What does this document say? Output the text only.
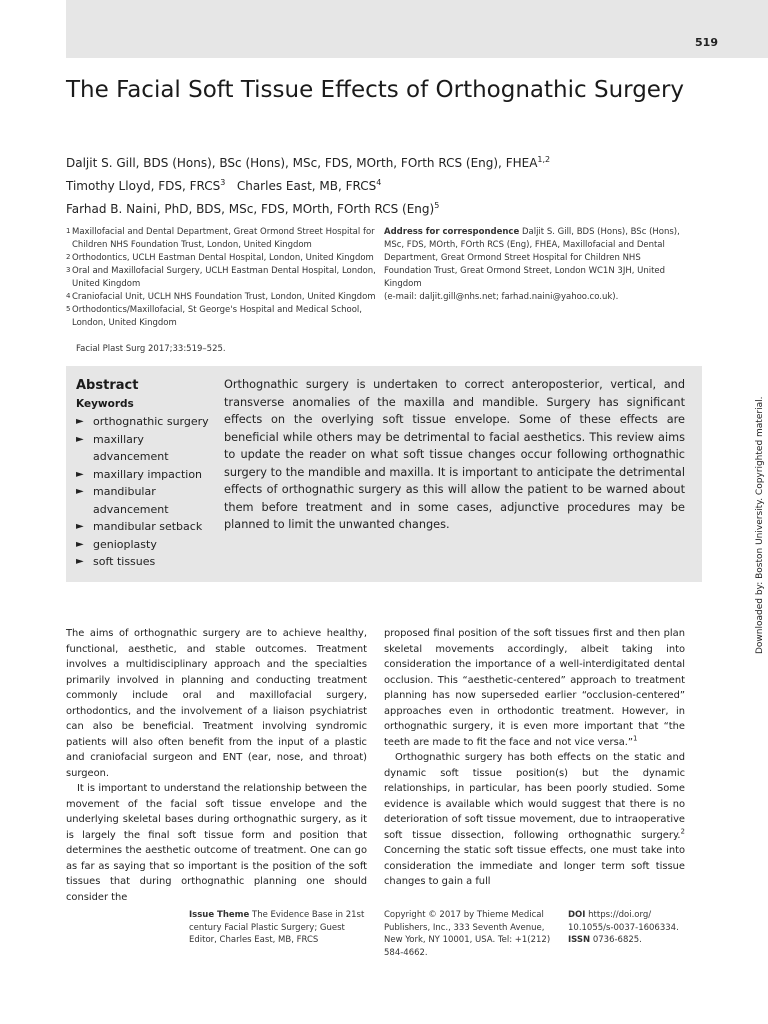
519
The Facial Soft Tissue Effects of Orthognathic Surgery
Daljit S. Gill, BDS (Hons), BSc (Hons), MSc, FDS, MOrth, FOrth RCS (Eng), FHEA$^{1,2}$
Timothy Lloyd, FDS, FRCS$^3$ Charles East, MB, FRCS$^4$
Farhad B. Naini, PhD, BDS, MSc, FDS, MOrth, FOrth RCS (Eng)$^5$
1 Maxillofacial and Dental Department, Great Ormond Street Hospital for Children NHS Foundation Trust, London, United Kingdom
2 Orthodontics, UCLH Eastman Dental Hospital, London, United Kingdom
3 Oral and Maxillofacial Surgery, UCLH Eastman Dental Hospital, London, United Kingdom
4 Craniofacial Unit, UCLH NHS Foundation Trust, London, United Kingdom
5 Orthodontics/Maxillofacial, St George's Hospital and Medical School, London, United Kingdom
Address for correspondence Daljit S. Gill, BDS (Hons), BSc (Hons), MSc, FDS, MOrth, FOrth RCS (Eng), FHEA, Maxillofacial and Dental Department, Great Ormond Street Hospital for Children NHS Foundation Trust, Great Ormond Street, London WC1N 3JH, United Kingdom
(e-mail: daljit.gill@nhs.net; farhad.naini@yahoo.co.uk).
Facial Plast Surg 2017;33:519–525.
Abstract
Keywords
► orthognathic surgery
► maxillary advancement
► maxillary impaction
► mandibular advancement
► mandibular setback
► genioplasty
► soft tissues
Orthognathic surgery is undertaken to correct anteroposterior, vertical, and transverse anomalies of the maxilla and mandible. Surgery has significant effects on the overlying soft tissue envelope. Some of these effects are beneficial while others may be detrimental to facial aesthetics. This review aims to update the reader on what soft tissue changes occur following orthognathic surgery to the mandible and maxilla. It is important to anticipate the detrimental effects of orthognathic surgery as this will allow the patient to be warned about them before treatment and in some cases, adjunctive procedures may be planned to limit the unwanted changes.	Downloaded by: Boston University. Copyrighted material.

The aims of orthognathic surgery are to achieve healthy, functional, aesthetic, and stable outcomes. Treatment involves a multidisciplinary approach and the specialties primarily involved in planning and conducting treatment commonly include oral and maxillofacial surgery, orthodontics, and the involvement of a liaison psychiatrist can also be beneficial. Treatment involving syndromic patients will also often benefit from the input of a plastic and craniofacial surgeon and ENT (ear, nose, and throat) surgeon.

It is important to understand the relationship between the movement of the facial soft tissue envelope and the underlying skeletal bases during orthognathic surgery, as it is largely the final soft tissue form and position that determines the aesthetic outcome of treatment. One can go as far as saying that so important is the position of the soft tissues that during orthognathic planning one should consider the

proposed final position of the soft tissues first and then plan skeletal movements accordingly, albeit taking into consideration the importance of a well-interdigitated dental occlusion. This “aesthetic-centered” approach to treatment planning has now superseded earlier “occlusion-centered” approaches even in orthodontic treatment. However, in orthognathic surgery, it is even more important that “the teeth are made to fit the face and not vice versa.”$^1$

Orthognathic surgery has both effects on the static and dynamic soft tissue position(s) but the dynamic relationships, in particular, has been poorly studied. Some evidence is available which would suggest that there is no deterioration of soft tissue movement, due to intraoperative soft tissue dissection, following orthognathic surgery.$^2$ Concerning the static soft tissue effects, one must take into consideration the immediate and longer term soft tissue changes to gain a full

Issue Theme The Evidence Base in 21st century Facial Plastic Surgery; Guest Editor, Charles East, MB, FRCS
Copyright © 2017 by Thieme Medical Publishers, Inc., 333 Seventh Avenue, New York, NY 10001, USA. Tel: +1(212) 584-4662.
DOI https://doi.org/ 10.1055/s-0037-1606334.
ISSN 0736-6825.
